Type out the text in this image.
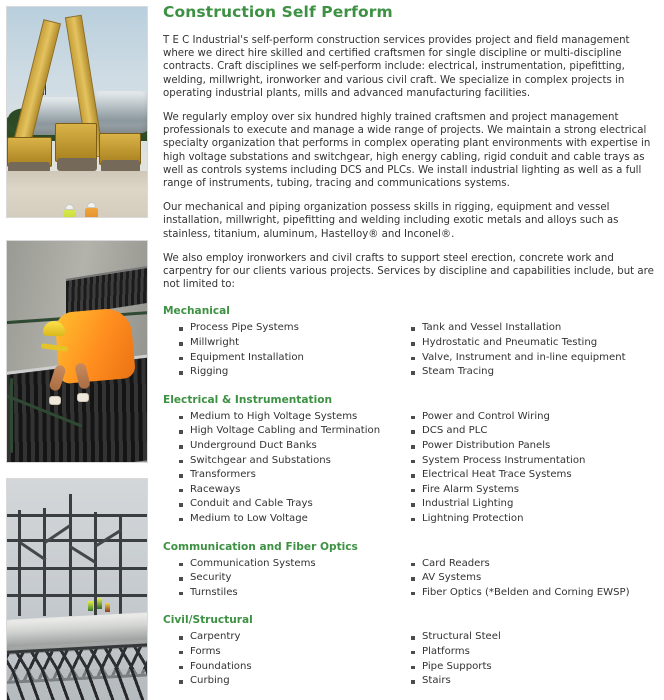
Construction Self Perform

T E C Industrial's self-perform construction services provides project and field management where we direct hire skilled and certified craftsmen for single discipline or multi-discipline contracts. Craft disciplines we self-perform include: electrical, instrumentation, pipefitting, welding, millwright, ironworker and various civil craft. We specialize in complex projects in operating industrial plants, mills and advanced manufacturing facilities.

We regularly employ over six hundred highly trained craftsmen and project management professionals to execute and manage a wide range of projects. We maintain a strong electrical specialty organization that performs in complex operating plant environments with expertise in high voltage substations and switchgear, high energy cabling, rigid conduit and cable trays as well as controls systems including DCS and PLCs. We install industrial lighting as well as a full range of instruments, tubing, tracing and communications systems.

Our mechanical and piping organization possess skills in rigging, equipment and vessel installation, millwright, pipefitting and welding including exotic metals and alloys such as stainless, titanium, aluminum, Hastelloy® and Inconel®.

We also employ ironworkers and civil crafts to support steel erection, concrete work and carpentry for our clients various projects. Services by discipline and capabilities include, but are not limited to:

Mechanical
Process Pipe Systems
Millwright
Equipment Installation
Rigging
Tank and Vessel Installation
Hydrostatic and Pneumatic Testing
Valve, Instrument and in-line equipment
Steam Tracing
Electrical & Instrumentation
Medium to High Voltage Systems
High Voltage Cabling and Termination
Underground Duct Banks
Switchgear and Substations
Transformers
Raceways
Conduit and Cable Trays
Medium to Low Voltage
Power and Control Wiring
DCS and PLC
Power Distribution Panels
System Process Instrumentation
Electrical Heat Trace Systems
Fire Alarm Systems
Industrial Lighting
Lightning Protection
Communication and Fiber Optics
Communication Systems
Security
Turnstiles
Card Readers
AV Systems
Fiber Optics (*Belden and Corning EWSP)
Civil/Structural
Carpentry
Forms
Foundations
Curbing
Structural Steel
Platforms
Pipe Supports
Stairs
